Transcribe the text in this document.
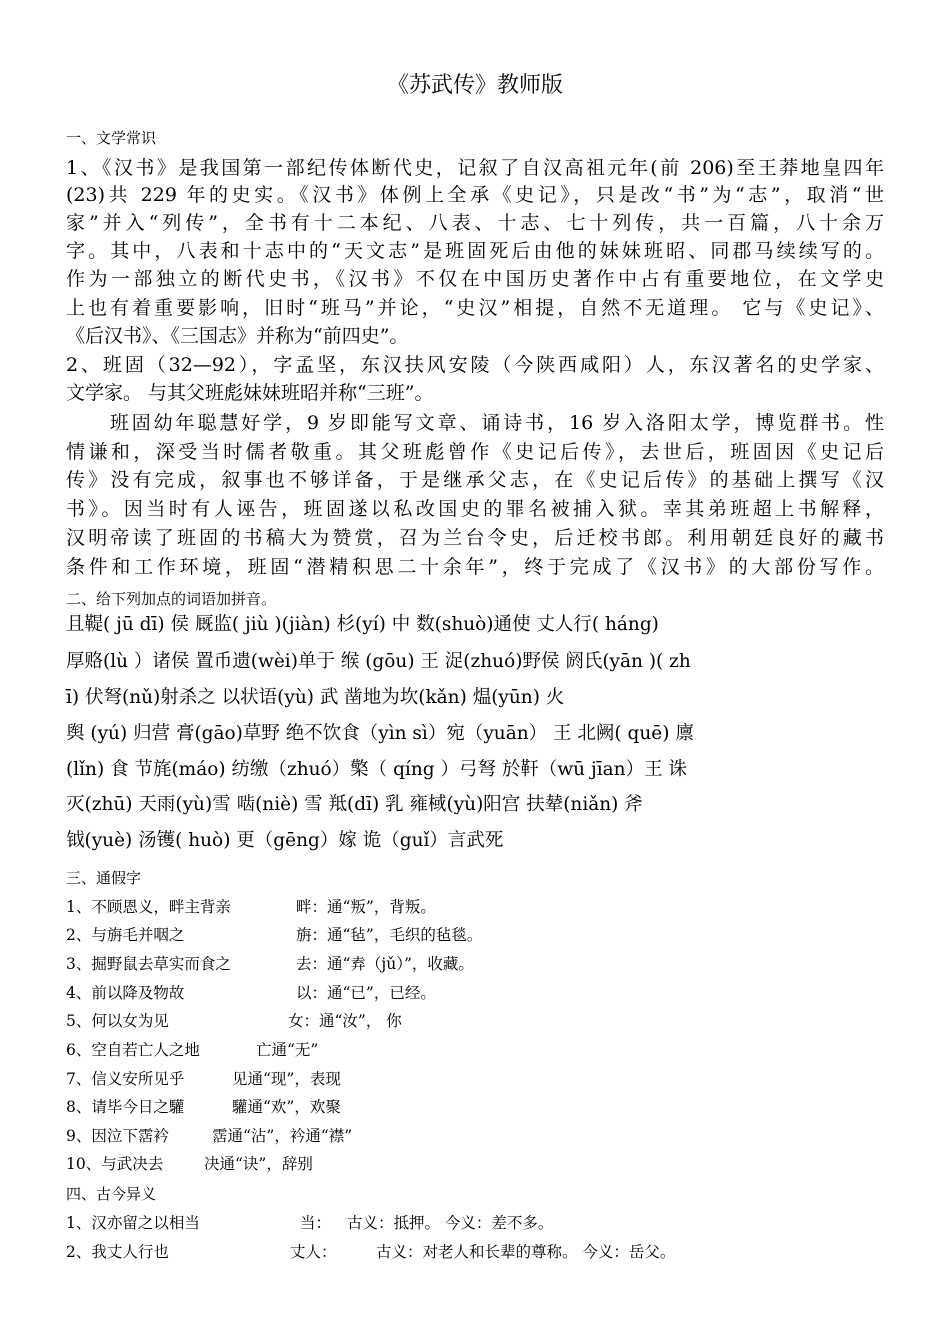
《苏武传》教师版
一、文学常识
1、《汉书》是我国第一部纪传体断代史，记叙了自汉高祖元年(前 206)至王莽地皇四年
(23)共 229 年的史实。《汉书》体例上全承《史记》，只是改“书”为“志”，取消“世
家”并入“列传”，全书有十二本纪、八表、十志、七十列传，共一百篇，八十余万
字。其中，八表和十志中的“天文志”是班固死后由他的妹妹班昭、同郡马续续写的。
作为一部独立的断代史书，《汉书》不仅在中国历史著作中占有重要地位，在文学史
上也有着重要影响，旧时“班马”并论，“史汉”相提，自然不无道理。 它与《史记》、
《后汉书》、《三国志》并称为“前四史”。
2、班固（32—92），字孟坚，东汉扶风安陵（今陕西咸阳）人，东汉著名的史学家、
文学家。 与其父班彪妹妹班昭并称“三班”。
　　班固幼年聪慧好学，9 岁即能写文章、诵诗书，16 岁入洛阳太学，博览群书。性
情谦和，深受当时儒者敬重。其父班彪曾作《史记后传》，去世后，班固因《史记后
传》没有完成，叙事也不够详备，于是继承父志，在《史记后传》的基础上撰写《汉
书》。因当时有人诬告，班固遂以私改国史的罪名被捕入狱。幸其弟班超上书解释，
汉明帝读了班固的书稿大为赞赏，召为兰台令史，后迁校书郎。利用朝廷良好的藏书
条件和工作环境，班固“潜精积思二十余年”，终于完成了《汉书》的大部份写作。
二、给下列加点的词语加拼音。
且鞮( jū dī) 侯 厩监( jiù )(jiàn) 杉(yí) 中 数(shuò)通使 丈人行( háng)
厚赂(lù ）诸侯 置币遗(wèi)单于 缑 (gōu) 王 浞(zhuó)野侯 阏氏(yān )( zh
ī) 伏弩(nǔ)射杀之 以状语(yù) 武 凿地为坎(kǎn) 煴(yūn) 火
舆 (yú) 归营 膏(gāo)草野 绝不饮食（yìn sì）宛（yuān） 王 北阙( quē) 廪
(lǐn) 食 节旄(máo) 纺缴（zhuó）檠（ qíng ）弓弩 於靬（wū jīan）王 诛
灭(zhū) 天雨(yù)雪 啮(niè) 雪 羝(dī) 乳 雍棫(yù)阳宫 扶辇(niǎn) 斧
钺(yuè) 汤镬( huò) 更（gēng）嫁 诡（guǐ）言武死
三、通假字
1、不顾恩义，畔主背亲	畔：通“叛”，背叛。
2、与旃毛并咽之	旃：通“毡”，毛织的毡毯。
3、掘野鼠去草实而食之	去：通“弆（jǔ）”，收藏。
4、前以降及物故	以：通“已”，已经。
5、何以女为见	女：通“汝”， 你
6、空自若亡人之地	亡通“无”
7、信义安所见乎	见通“现”，表现
8、请毕今日之驩	驩通“欢”，欢聚
9、因泣下霑衿	霑通“沾”，衿通“襟”
10、与武决去	决通“诀”，辞别
四、古今异义
1、汉亦留之以相当	当： 古义：抵押。 今义：差不多。
2、我丈人行也	丈人：	古义：对老人和长辈的尊称。 今义：岳父。
